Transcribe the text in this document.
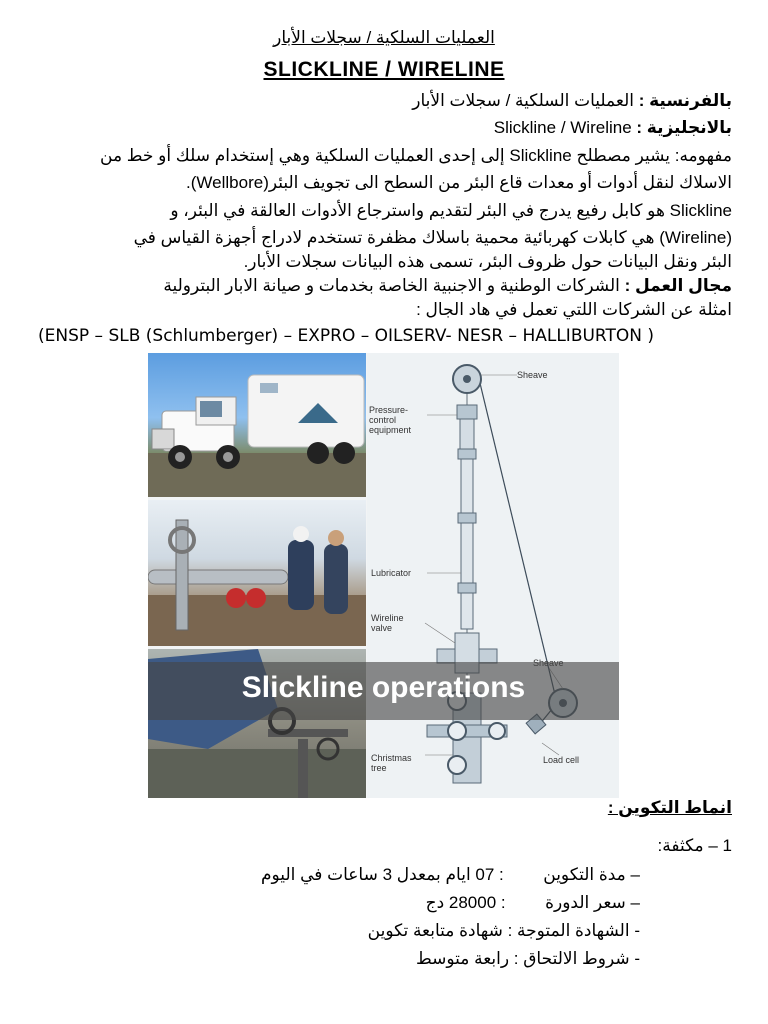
العمليات السلكية / سجلات الأبار
SLICKLINE / WIRELINE
بالفرنسية : العمليات السلكية / سجلات الأبار
بالانجليزية : Slickline / Wireline
مفهومه: يشير مصطلح Slickline إلى إحدى العمليات السلكية وهي إستخدام سلك أو خط من
الاسلاك لنقل أدوات أو معدات قاع البئر من السطح الى تجويف البئر(Wellbore).
Slickline هو كابل رفيع يدرج في البئر لتقديم واسترجاع الأدوات العالقة في البئر، و
(Wireline) هي كابلات كهربائية محمية باسلاك مظفرة تستخدم لادراج أجهزة القياس في
البئر ونقل البيانات حول ظروف البئر، تسمى هذه البيانات سجلات الأبار.
مجال العمل : الشركات الوطنية و الاجنبية الخاصة بخدمات و صيانة الابار البترولية
امثلة عن الشركات اللتي تعمل في هاد الجال :
(ENSP – SLB (Schlumberger) – EXPRO – OILSERV- NESR – HALLIBURTON )
Sheave
Pressure-
control
equipment
Lubricator
Wireline
valve
Christmas
tree
Load cell
Slickline operations
انماط التكوين :
1 – مكثفة:
– مدة التكوين  : 07 ايام بمعدل 3 ساعات في اليوم
– سعر الدورة  : 28000 دج
- الشهادة المتوجة : شهادة متابعة تكوين
- شروط الالتحاق : رابعة متوسط
